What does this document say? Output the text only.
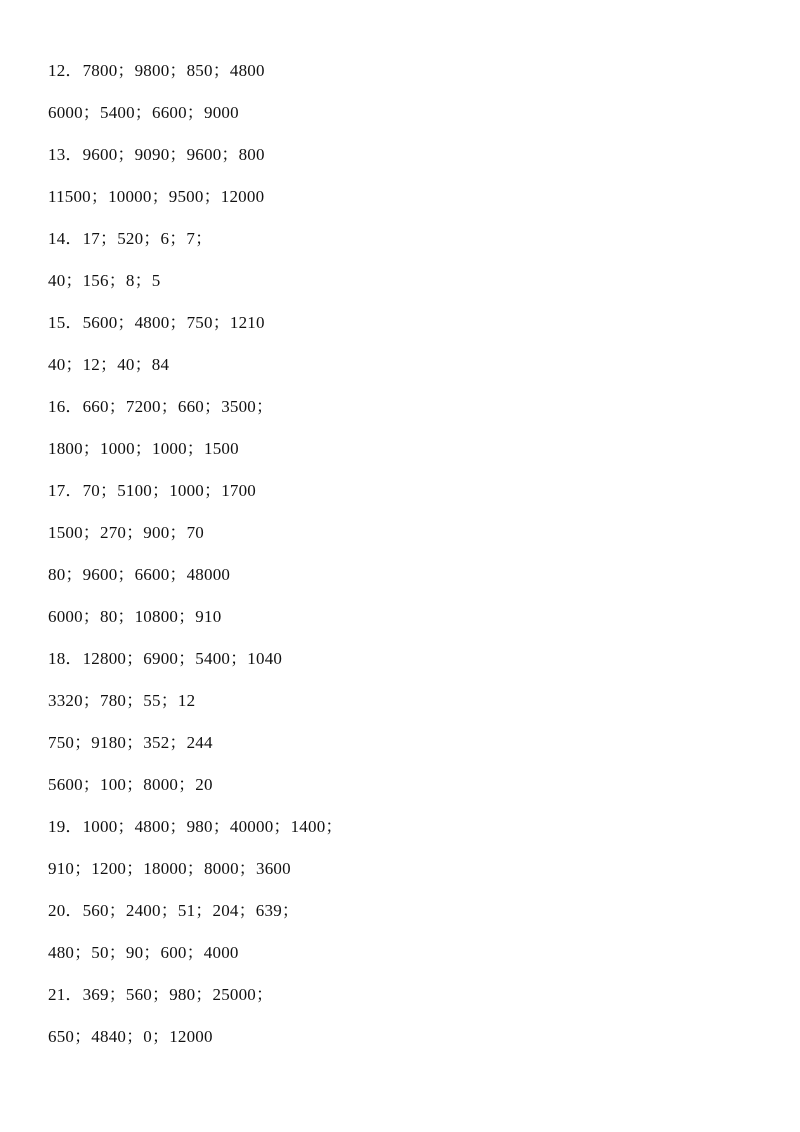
12．7800；9800；850；4800
6000；5400；6600；9000
13．9600；9090；9600；800
11500；10000；9500；12000
14．17；520；6；7；
40；156；8；5
15．5600；4800；750；1210
40；12；40；84
16．660；7200；660；3500；
1800；1000；1000；1500
17．70；5100；1000；1700
1500；270；900；70
80；9600；6600；48000
6000；80；10800；910
18．12800；6900；5400；1040
3320；780；55；12
750；9180；352；244
5600；100；8000；20
19．1000；4800；980；40000；1400；
910；1200；18000；8000；3600
20．560；2400；51；204；639；
480；50；90；600；4000
21．369；560；980；25000；
650；4840；0；12000
